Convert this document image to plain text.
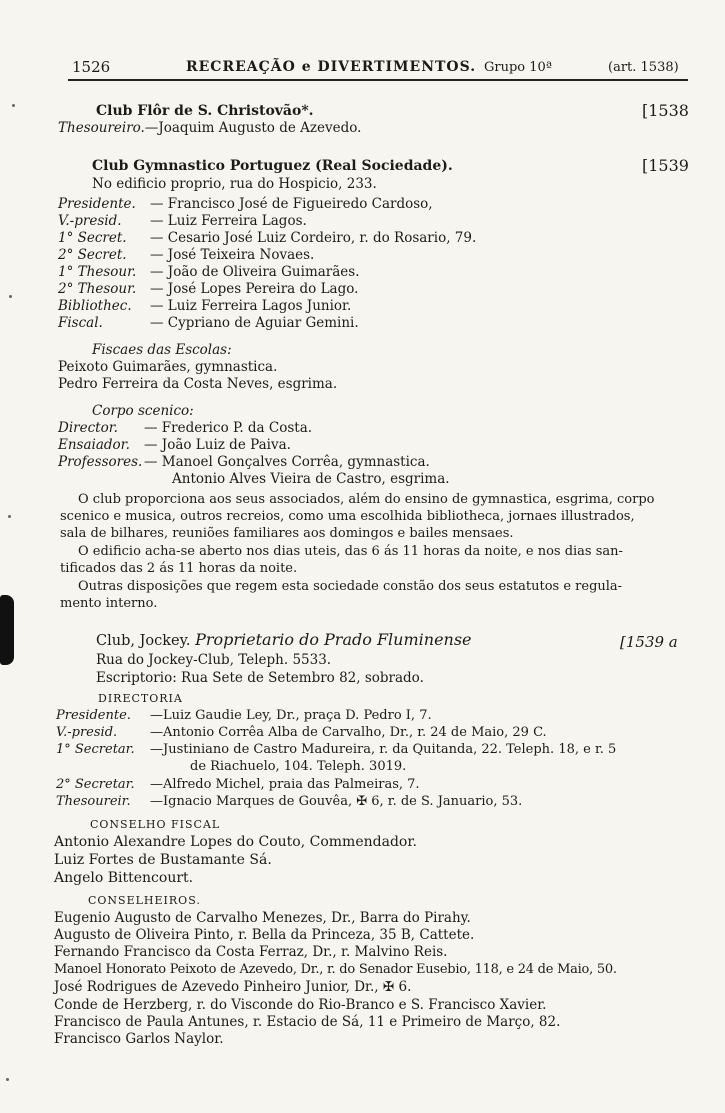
1526	RECREAÇÃO e DIVERTIMENTOS. Grupo 10ª	(art. 1538)
Club Flôr de S. Christovão*.	[1538
Thesoureiro.—Joaquim Augusto de Azevedo.
Club Gymnastico Portuguez (Real Sociedade).	[1539
No edificio proprio, rua do Hospicio, 233.
Presidente. — Francisco José de Figueiredo Cardoso,
V.-presid. — Luiz Ferreira Lagos.
1° Secret. — Cesario José Luiz Cordeiro, r. do Rosario, 79.
2° Secret. — José Teixeira Novaes.
1° Thesour. — João de Oliveira Guimarães.
2° Thesour. — José Lopes Pereira do Lago.
Bibliothec. — Luiz Ferreira Lagos Junior.
Fiscal.	— Cypriano de Aguiar Gemini.
Fiscaes das Escolas:
Peixoto Guimarães, gymnastica.
Pedro Ferreira da Costa Neves, esgrima.
Corpo scenico:
Director. — Frederico P. da Costa.
Ensaiador. — João Luiz de Paiva.
Professores. — Manoel Gonçalves Corrêa, gymnastica.
Antonio Alves Vieira de Castro, esgrima.
O club proporciona aos seus associados, além do ensino de gymnastica, esgrima, corpo
scenico e musica, outros recreios, como uma escolhida bibliotheca, jornaes illustrados,
sala de bilhares, reuniões familiares aos domingos e bailes mensaes.
O edificio acha-se aberto nos dias uteis, das 6 ás 11 horas da noite, e nos dias san-
tificados das 2 ás 11 horas da noite.
Outras disposições que regem esta sociedade constão dos seus estatutos e regula-
mento interno.
Club, Jockey. Proprietario do Prado Fluminense	[1539 a
Rua do Jockey-Club, Teleph. 5533.
Escriptorio: Rua Sete de Setembro 82, sobrado.
DIRECTORIA
Presidente. —Luiz Gaudie Ley, Dr., praça D. Pedro I, 7.
V.-presid.	—Antonio Corrêa Alba de Carvalho, Dr., r. 24 de Maio, 29 C.
1° Secretar. —Justiniano de Castro Madureira, r. da Quitanda, 22. Teleph. 18, e r. 5
de Riachuelo, 104. Teleph. 3019.
2° Secretar. —Alfredo Michel, praia das Palmeiras, 7.
Thesoureir. —Ignacio Marques de Gouvêa, ✠ 6, r. de S. Januario, 53.
CONSELHO FISCAL
Antonio Alexandre Lopes do Couto, Commendador.
Luiz Fortes de Bustamante Sá.
Angelo Bittencourt.
CONSELHEIROS.
Eugenio Augusto de Carvalho Menezes, Dr., Barra do Pirahy.
Augusto de Oliveira Pinto, r. Bella da Princeza, 35 B, Cattete.
Fernando Francisco da Costa Ferraz, Dr., r. Malvino Reis.
Manoel Honorato Peixoto de Azevedo, Dr., r. do Senador Eusebio, 118, e 24 de Maio, 50.
José Rodrigues de Azevedo Pinheiro Junior, Dr., ✠ 6.
Conde de Herzberg, r. do Visconde do Rio-Branco e S. Francisco Xavier.
Francisco de Paula Antunes, r. Estacio de Sá, 11 e Primeiro de Março, 82.
Francisco Garlos Naylor.
